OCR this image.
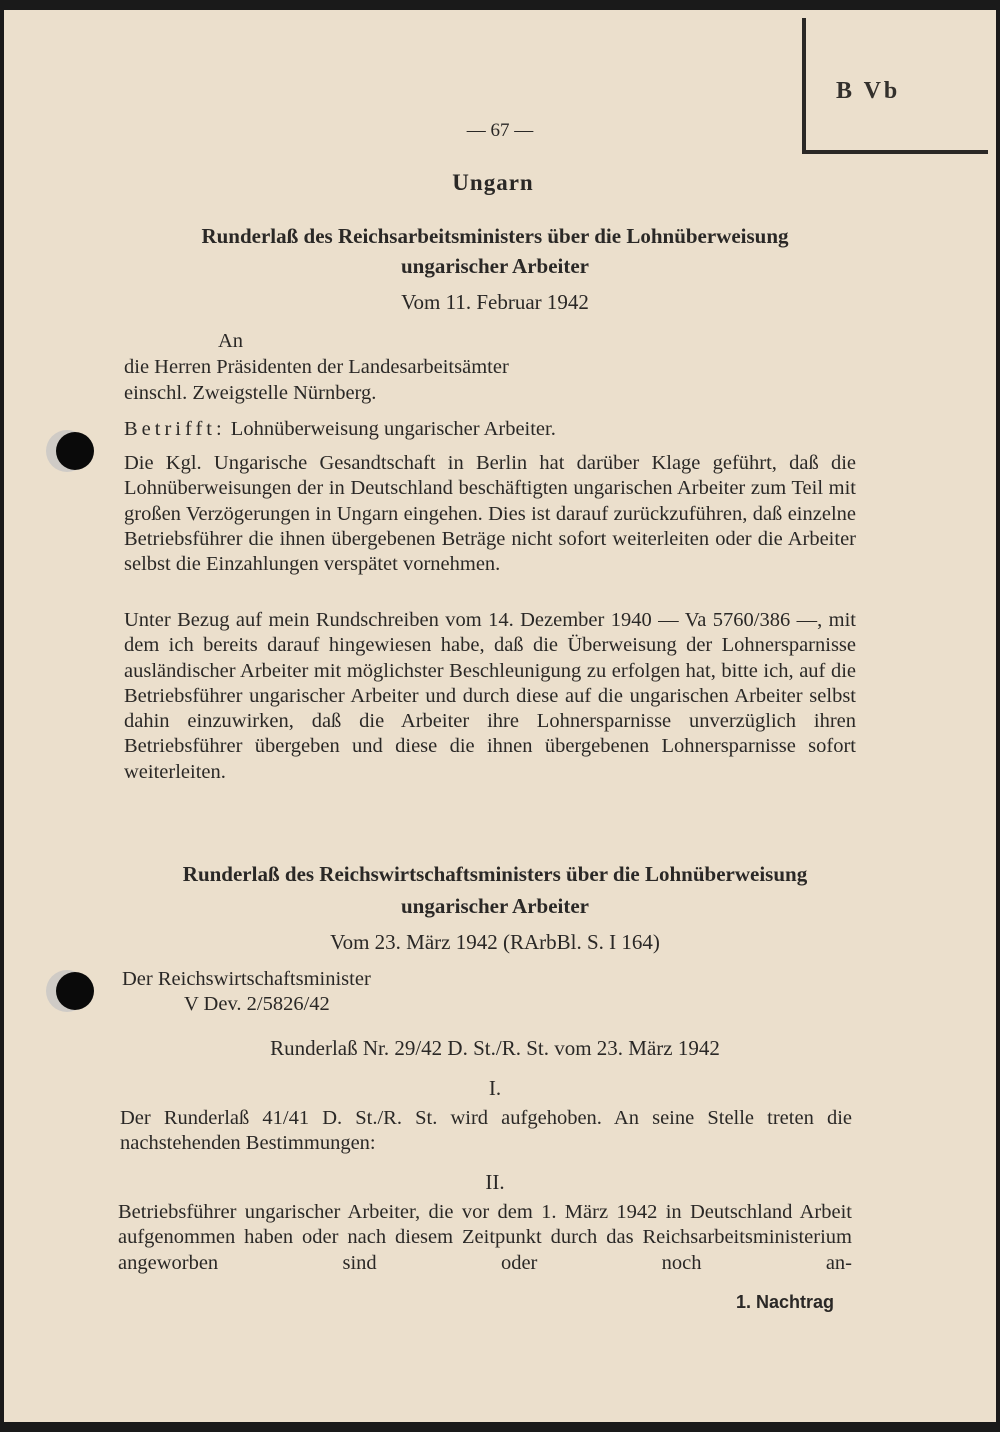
B Vb
— 67 —
Ungarn
Runderlaß des Reichsarbeitsministers über die Lohnüberweisung
ungarischer Arbeiter
Vom 11. Februar 1942
An
die Herren Präsidenten der Landesarbeitsämter
einschl. Zweigstelle Nürnberg.
Betrifft: Lohnüberweisung ungarischer Arbeiter.
Die Kgl. Ungarische Gesandtschaft in Berlin hat darüber Klage geführt, daß die Lohnüberweisungen der in Deutschland beschäftigten ungarischen Arbeiter zum Teil mit großen Verzögerungen in Ungarn eingehen. Dies ist darauf zurückzuführen, daß einzelne Betriebsführer die ihnen übergebenen Beträge nicht sofort weiterleiten oder die Arbeiter selbst die Einzahlungen verspätet vornehmen.
Unter Bezug auf mein Rundschreiben vom 14. Dezember 1940 — Va 5760/386 —, mit dem ich bereits darauf hingewiesen habe, daß die Überweisung der Lohnersparnisse ausländischer Arbeiter mit möglichster Beschleunigung zu erfolgen hat, bitte ich, auf die Betriebsführer ungarischer Arbeiter und durch diese auf die ungarischen Arbeiter selbst dahin einzuwirken, daß die Arbeiter ihre Lohnersparnisse unverzüglich ihren Betriebsführer übergeben und diese die ihnen übergebenen Lohnersparnisse sofort weiterleiten.
Runderlaß des Reichswirtschaftsministers über die Lohnüberweisung
ungarischer Arbeiter
Vom 23. März 1942 (RArbBl. S. I 164)
Der Reichswirtschaftsminister
V Dev. 2/5826/42
Runderlaß Nr. 29/42 D. St./R. St. vom 23. März 1942
I.
Der Runderlaß 41/41 D. St./R. St. wird aufgehoben. An seine Stelle treten die nachstehenden Bestimmungen:
II.
Betriebsführer ungarischer Arbeiter, die vor dem 1. März 1942 in Deutschland Arbeit aufgenommen haben oder nach diesem Zeitpunkt durch das Reichsarbeitsministerium angeworben sind oder noch an-
1. Nachtrag
